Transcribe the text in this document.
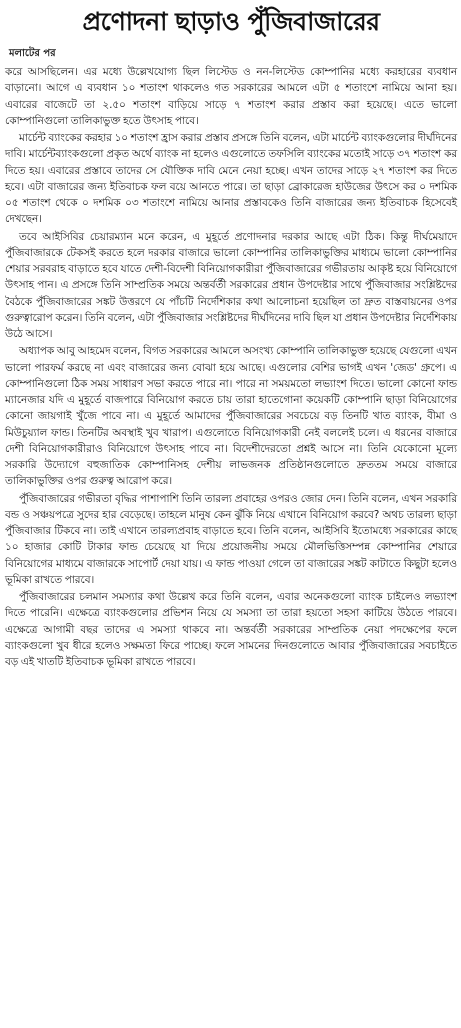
প্রণোদনা ছাড়াও পুঁজিবাজারের
মলাটের পর

করে আসছিলেন। এর মধ্যে উল্লেখযোগ্য ছিল লিস্টেড ও নন-লিস্টেড কোম্পানির মধ্যে করহারের ব্যবধান বাড়ানো। আগে এ ব্যবধান ১০ শতাংশ থাকলেও গত সরকারের আমলে এটা ৫ শতাংশে নামিয়ে আনা হয়। এবারের বাজেটে তা ২.৫০ শতাংশ বাড়িয়ে সাড়ে ৭ শতাংশ করার প্রস্তাব করা হয়েছে। এতে ভালো কোম্পানিগুলো তালিকাভুক্ত হতে উৎসাহ পাবে।

মার্চেন্ট ব্যাংকের করহার ১০ শতাংশ হ্রাস করার প্রস্তাব প্রসঙ্গে তিনি বলেন, এটা মার্চেন্ট ব্যাংকগুলোর দীর্ঘদিনের দাবি। মার্চেন্টব্যাংকগুলো প্রকৃত অর্থে ব্যাংক না হলেও এগুলোতে তফসিলি ব্যাংকের মতোই সাড়ে ৩৭ শতাংশ কর দিতে হয়। এবারের প্রস্তাবে তাদের সে যৌক্তিক দাবি মেনে নেয়া হচ্ছে। এখন তাদের সাড়ে ২৭ শতাংশ কর দিতে হবে। এটা বাজারের জন্য ইতিবাচক ফল বয়ে আনতে পারে। তা ছাড়া ব্রোকারেজ হাউজের উৎসে কর ০ দশমিক ০৫ শতাংশ থেকে ০ দশমিক ০৩ শতাংশে নামিয়ে আনার প্রস্তাবকেও তিনি বাজারের জন্য ইতিবাচক হিসেবেই দেখছেন।

তবে আইসিবির চেয়ারম্যান মনে করেন, এ মুহূর্তে প্রণোদনার দরকার আছে এটা ঠিক। কিন্তু দীর্ঘমেয়াদে পুঁজিবাজারকে টেকসই করতে হলে দরকার বাজারে ভালো কোম্পানির তালিকাভুক্তির মাধ্যমে ভালো কোম্পানির শেয়ার সরবরাহ বাড়াতে হবে যাতে দেশী-বিদেশী বিনিয়োগকারীরা পুঁজিবাজারের গভীরতায় আকৃষ্ট হয়ে বিনিয়োগে উৎসাহ পান। এ প্রসঙ্গে তিনি সাম্প্রতিক সময়ে অন্তর্বর্তী সরকারের প্রধান উপদেষ্টার সাথে পুঁজিবাজার সংশ্লিষ্টদের বৈঠকে পুঁজিবাজারের সঙ্কট উত্তরণে যে পাঁচটি নির্দেশিকার কথা আলোচনা হয়েছিল তা দ্রুত বাস্তবায়নের ওপর গুরুত্বারোপ করেন। তিনি বলেন, এটা পুঁজিবাজার সংশ্লিষ্টদের দীর্ঘদিনের দাবি ছিল যা প্রধান উপদেষ্টার নির্দেশিকায় উঠে আসে।

অধ্যাপক আবু আহমেদ বলেন, বিগত সরকারের আমলে অসংখ্য কোম্পানি তালিকাভুক্ত হয়েছে যেগুলো এখন ভালো পারফর্ম করছে না এবং বাজারের জন্য বোঝা হয়ে আছে। এগুলোর বেশির ভাগই এখন 'জেড' গ্রুপে। এ কোম্পানিগুলো ঠিক সময় সাধারণ সভা করতে পারে না। পারে না সময়মতো লভ্যাংশ দিতে। ভালো কোনো ফান্ড ম্যানেজার যদি এ মুহূর্তে বাজপারে বিনিয়োগ করতে চায় তারা হাতেগোনা কয়েকটি কোম্পানি ছাড়া বিনিয়োগের কোনো জায়গাই খুঁজে পাবে না। এ মুহূর্তে আমাদের পুঁজিবাজারের সবচেয়ে বড় তিনটি খাত ব্যাংক, বীমা ও মিউচুয়্যাল ফান্ড। তিনটির অবস্থাই খুব খারাপ। এগুলোতে বিনিয়োগকারী নেই বললেই চলে। এ ধরনের বাজারে দেশী বিনিয়োগকারীরাও বিনিয়োগে উৎসাহ পাবে না। বিদেশীদেরতো প্রশ্নই আসে না। তিনি যেকোনো মূল্যে সরকারি উদ্যোগে বহুজাতিক কোম্পানিসহ দেশীয় লাভজনক প্রতিষ্ঠানগুলোতে দ্রুততম সময়ে বাজারে তালিকাভুক্তির ওপর গুরুত্ব আরোপ করে।

পুঁজিবাজারের গভীরতা বৃদ্ধির পাশাপাশি তিনি তারল্য প্রবাহের ওপরও জোর দেন। তিনি বলেন, এখন সরকারি বন্ড ও সঞ্চয়পত্রে সুদের হার বেড়েছে। তাহলে মানুষ কেন ঝুঁকি নিয়ে এখানে বিনিয়োগ করবে? অথচ তারল্য ছাড়া পুঁজিবাজার টিকবে না। তাই এখানে তারল্যপ্রবাহ বাড়াতে হবে। তিনি বলেন, আইসিবি ইতোমধ্যে সরকারের কাছে ১০ হাজার কোটি টাকার ফান্ড চেয়েছে যা দিয়ে প্রয়োজনীয় সময়ে মৌলভিত্তিসম্পন্ন কোম্পানির শেয়ারে বিনিয়োগের মাধ্যমে বাজারকে সাপোর্ট দেয়া যায়। এ ফান্ড পাওয়া গেলে তা বাজারের সঙ্কট কাটাতে কিছুটা হলেও ভূমিকা রাখতে পারবে।

পুঁজিবাজারের চলমান সমস্যার কথা উল্লেখ করে তিনি বলেন, এবার অনেকগুলো ব্যাংক চাইলেও লভ্যাংশ দিতে পারেনি। এক্ষেত্রে ব্যাংকগুলোর প্রভিশন নিয়ে যে সমস্যা তা তারা হয়তো সহসা কাটিয়ে উঠতে পারবে। এক্ষেত্রে আগামী বছর তাদের এ সমস্যা থাকবে না। অন্তর্বর্তী সরকারের সাম্প্রতিক নেয়া পদক্ষেপের ফলে ব্যাংকগুলো খুব ধীরে হলেও সক্ষমতা ফিরে পাচ্ছে। ফলে সামনের দিনগুলোতে আবার পুঁজিবাজারের সবচাইতে বড় এই খাতটি ইতিবাচক ভূমিকা রাখতে পারবে।
